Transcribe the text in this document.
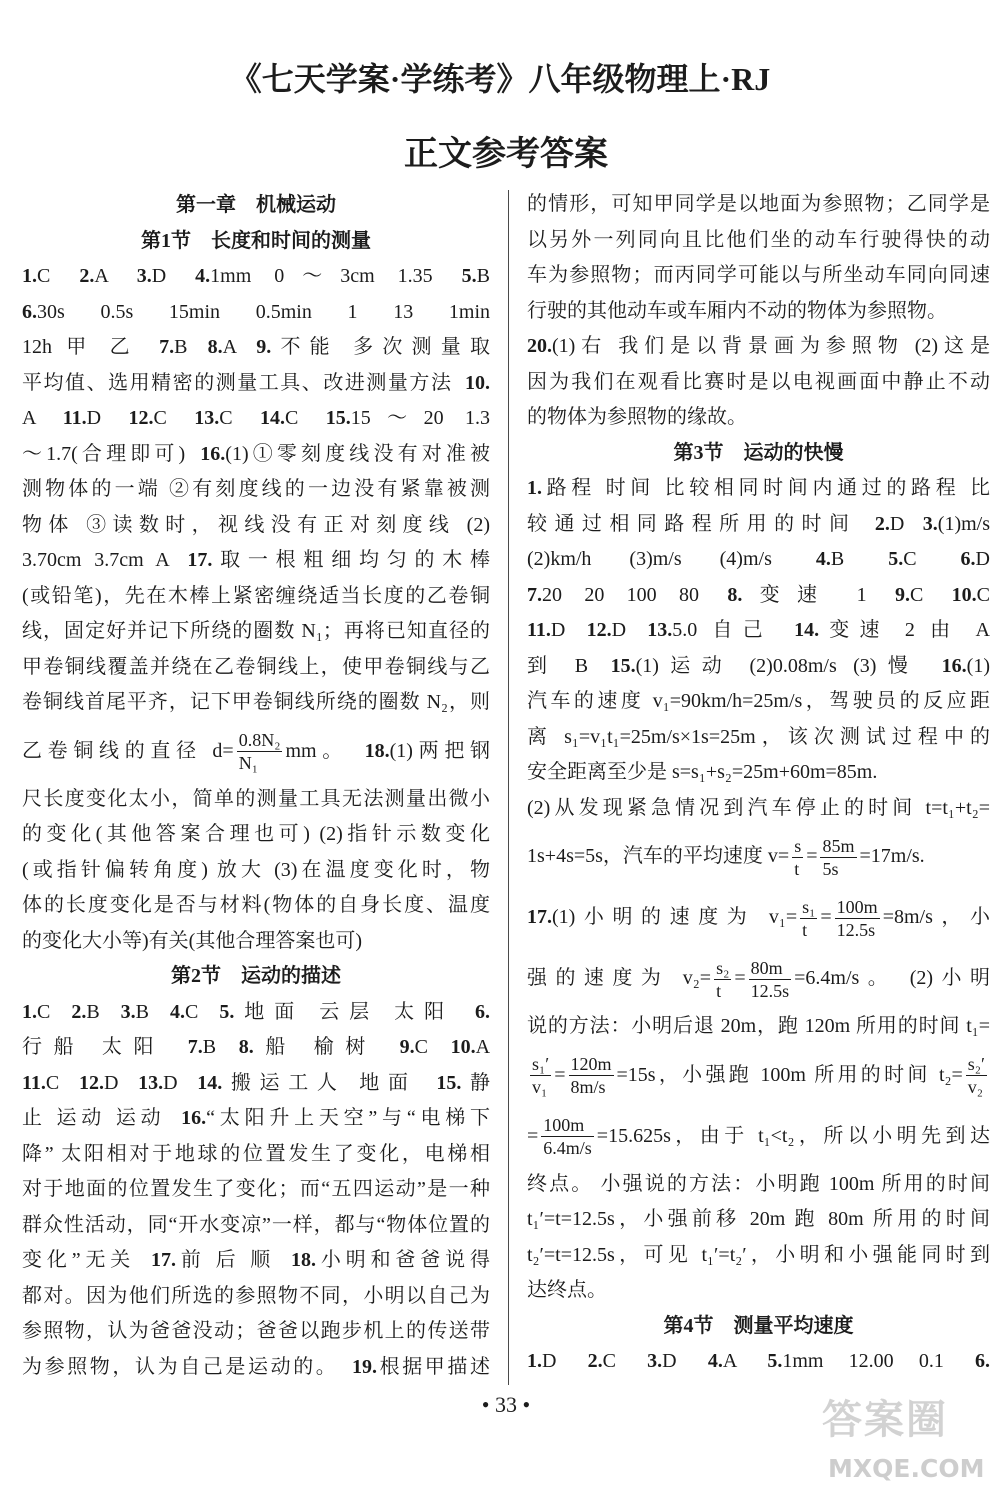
《七天学案·学练考》八年级物理上·RJ
正文参考答案
第一章　机械运动
第1节　长度和时间的测量
1.C 2.A 3.D 4.1mm 0～3cm 1.35 5.B
6.30s 0.5s 15min 0.5min 1 13 1min
12h 甲 乙 7.B 8.A 9.不能 多次测量取
平均值、选用精密的测量工具、改进测量方法 10.
A 11.D 12.C 13.C 14.C 15.15～20 1.3
～1.7(合理即可) 16.(1)①零刻度线没有对准被
测物体的一端 ②有刻度线的一边没有紧靠被测
物体 ③读数时，视线没有正对刻度线 (2)
3.70cm 3.7cm A 17.取一根粗细均匀的木棒
(或铅笔)，先在木棒上紧密缠绕适当长度的乙卷铜
线，固定好并记下所绕的圈数 N₁；再将已知直径的
甲卷铜线覆盖并绕在乙卷铜线上，使甲卷铜线与乙
卷铜线首尾平齐，记下甲卷铜线所绕的圈数 N₂，则
乙卷铜线的直径 $d= \frac{\text{0.8N₂}}{\text{N₁}}$ mm。 18.(1)两把钢
尺长度变化太小，简单的测量工具无法测量出微小
的变化(其他答案合理也可) (2)指针示数变化
(或指针偏转角度) 放大 (3)在温度变化时，物
体的长度变化是否与材料(物体的自身长度、温度
的变化大小等)有关(其他合理答案也可)
第2节　运动的描述
1.C 2.B 3.B 4.C 5.地面 云层 太阳 6.
行船 太阳 7.B 8.船 榆树 9.C 10.A
11.C 12.D 13.D 14.搬运工人 地面 15.静
止 运动 运动 16.“太阳升上天空”与“电梯下
降” 太阳相对于地球的位置发生了变化，电梯相
对于地面的位置发生了变化；而“五四运动”是一种
群众性活动，同“开水变凉”一样，都与“物体位置的
变化”无关 17.前 后 顺 18.小明和爸爸说得
都对。因为他们所选的参照物不同，小明以自己为
参照物，认为爸爸没动；爸爸以跑步机上的传送带
为参照物，认为自己是运动的。 19.根据甲描述
的情形，可知甲同学是以地面为参照物；乙同学是
以另外一列同向且比他们坐的动车行驶得快的动
车为参照物；而丙同学可能以与所坐动车同向同速
行驶的其他动车或车厢内不动的物体为参照物。
20.(1)右 我们是以背景画为参照物 (2)这是
因为我们在观看比赛时是以电视画面中静止不动
的物体为参照物的缘故。
第3节　运动的快慢
1.路程 时间 比较相同时间内通过的路程 比
较通过相同路程所用的时间 2.D 3.(1)m/s
(2)km/h (3)m/s (4)m/s 4.B 5.C 6.D
7.20 20 100 80 8.变速 1 9.C 10.C
11.D 12.D 13.5.0 自己 14.变速 2 由 A
到 B 15.(1)运动 (2)0.08m/s (3)慢 16.(1)
汽车的速度 v₁=90km/h=25m/s，驾驶员的反应距
离 s₁=v₁t₁=25m/s×1s=25m，该次测试过程中的
安全距离至少是 s=s₁+s₂=25m+60m=85m.
(2)从发现紧急情况到汽车停止的时间 t=t₁+t₂=
1s+4s=5s，汽车的平均速度 $v= \frac{s}{t} = \frac{85m}{5s} =17m/s$.
17.(1)小明的速度为 $v_1= \frac{\text{s₁}}{t} = \frac{100m}{12.5s} =8m/s$，小
强的速度为 $v_2= \frac{\text{s₂}}{t} = \frac{80m}{12.5s} =6.4m/s$。 (2)小明
说的方法：小明后退 20m，跑 120m 所用的时间 t₁=
$\frac{\text{s₁′}}{\text{v₁}} = \frac{120m}{8m/s} =15s$，小强跑 100m 所用的时间 $t_2= \frac{\text{s₂′}}{\text{v₂}}$
= $\frac{100m}{6.4m/s} =15.625s$，由于 t₁<t₂，所以小明先到达
终点。 小强说的方法：小明跑 100m 所用的时间
t₁′=t=12.5s，小强前移 20m 跑 80m 所用的时间
t₂′=t=12.5s，可见 t₁′=t₂′，小明和小强能同时到
达终点。
第4节　测量平均速度
1.D 2.C 3.D 4.A 5.1mm 12.00 0.1 6.
• 33 •	答案圈
MXQE.COM
